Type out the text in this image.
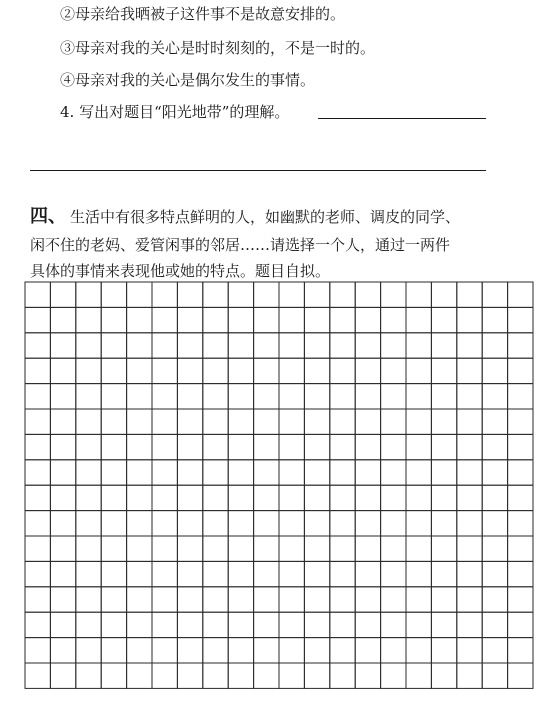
②母亲给我晒被子这件事不是故意安排的。
③母亲对我的关心是时时刻刻的，不是一时的。
④母亲对我的关心是偶尔发生的事情。
4. 写出对题目“阳光地带”的理解。
四、 生活中有很多特点鲜明的人，如幽默的老师、调皮的同学、
闲不住的老妈、爱管闲事的邻居……请选择一个人，通过一两件
具体的事情来表现他或她的特点。题目自拟。
